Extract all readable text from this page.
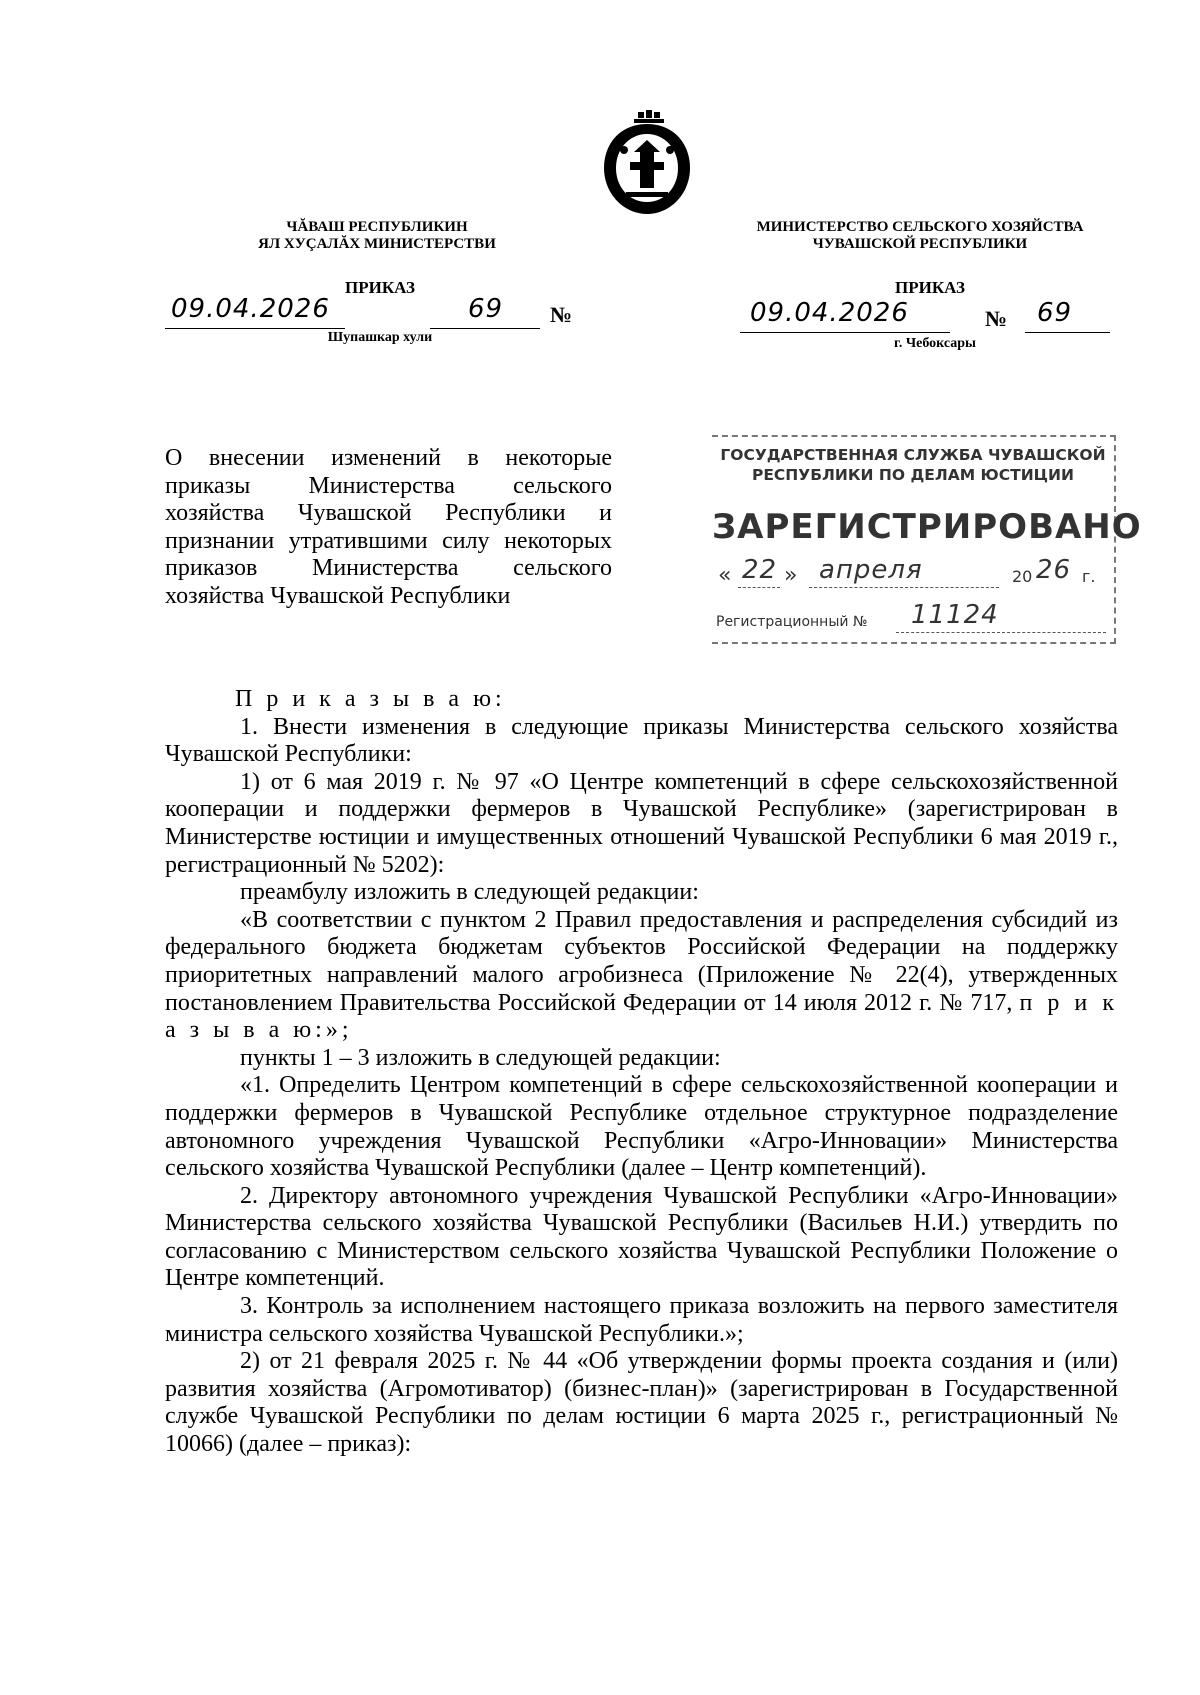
ЧĂВАШ РЕСПУБЛИКИН
ЯЛ ХУÇАЛĂХ МИНИСТЕРСТВИ
ПРИКАЗ
09.04.2026	69 №
Шупашкар хули
МИНИСТЕРСТВО СЕЛЬСКОГО ХОЗЯЙСТВА
ЧУВАШСКОЙ РЕСПУБЛИКИ
ПРИКАЗ
09.04.2026	№ 69
г. Чебоксары
О внесении изменений в некоторые приказы Министерства сельского хозяйства Чувашской Республики и признании утратившими силу некоторых приказов Министерства сельского хозяйства Чувашской Республики
ГОСУДАРСТВЕННАЯ СЛУЖБА ЧУВАШСКОЙ
РЕСПУБЛИКИ ПО ДЕЛАМ ЮСТИЦИИ
ЗАРЕГИСТРИРОВАНО
« 22 » апреля	20 26 г.
Регистрационный № 11124

П р и к а з ы в а ю:

1. Внести изменения в следующие приказы Министерства сельского хозяйства Чувашской Республики:

1) от 6 мая 2019 г. № 97 «О Центре компетенций в сфере сельскохозяйственной кооперации и поддержки фермеров в Чувашской Республике» (зарегистрирован в Министерстве юстиции и имущественных отношений Чувашской Республики 6 мая 2019 г., регистрационный № 5202):

преамбулу изложить в следующей редакции:

«В соответствии с пунктом 2 Правил предоставления и распределения субсидий из федерального бюджета бюджетам субъектов Российской Федерации на поддержку приоритетных направлений малого агробизнеса (Приложение № 22(4), утвержденных постановлением Правительства Российской Федерации от 14 июля 2012 г. № 717, п р и к а з ы в а ю:»;

пункты 1 – 3 изложить в следующей редакции:

«1. Определить Центром компетенций в сфере сельскохозяйственной кооперации и поддержки фермеров в Чувашской Республике отдельное структурное подразделение автономного учреждения Чувашской Республики «Агро-Инновации» Министерства сельского хозяйства Чувашской Республики (далее – Центр компетенций).

2. Директору автономного учреждения Чувашской Республики «Агро-Инновации» Министерства сельского хозяйства Чувашской Республики (Васильев Н.И.) утвердить по согласованию с Министерством сельского хозяйства Чувашской Республики Положение о Центре компетенций.

3. Контроль за исполнением настоящего приказа возложить на первого заместителя министра сельского хозяйства Чувашской Республики.»;

2) от 21 февраля 2025 г. № 44 «Об утверждении формы проекта создания и (или) развития хозяйства (Агромотиватор) (бизнес-план)» (зарегистрирован в Государственной службе Чувашской Республики по делам юстиции 6 марта 2025 г., регистрационный № 10066) (далее – приказ):
